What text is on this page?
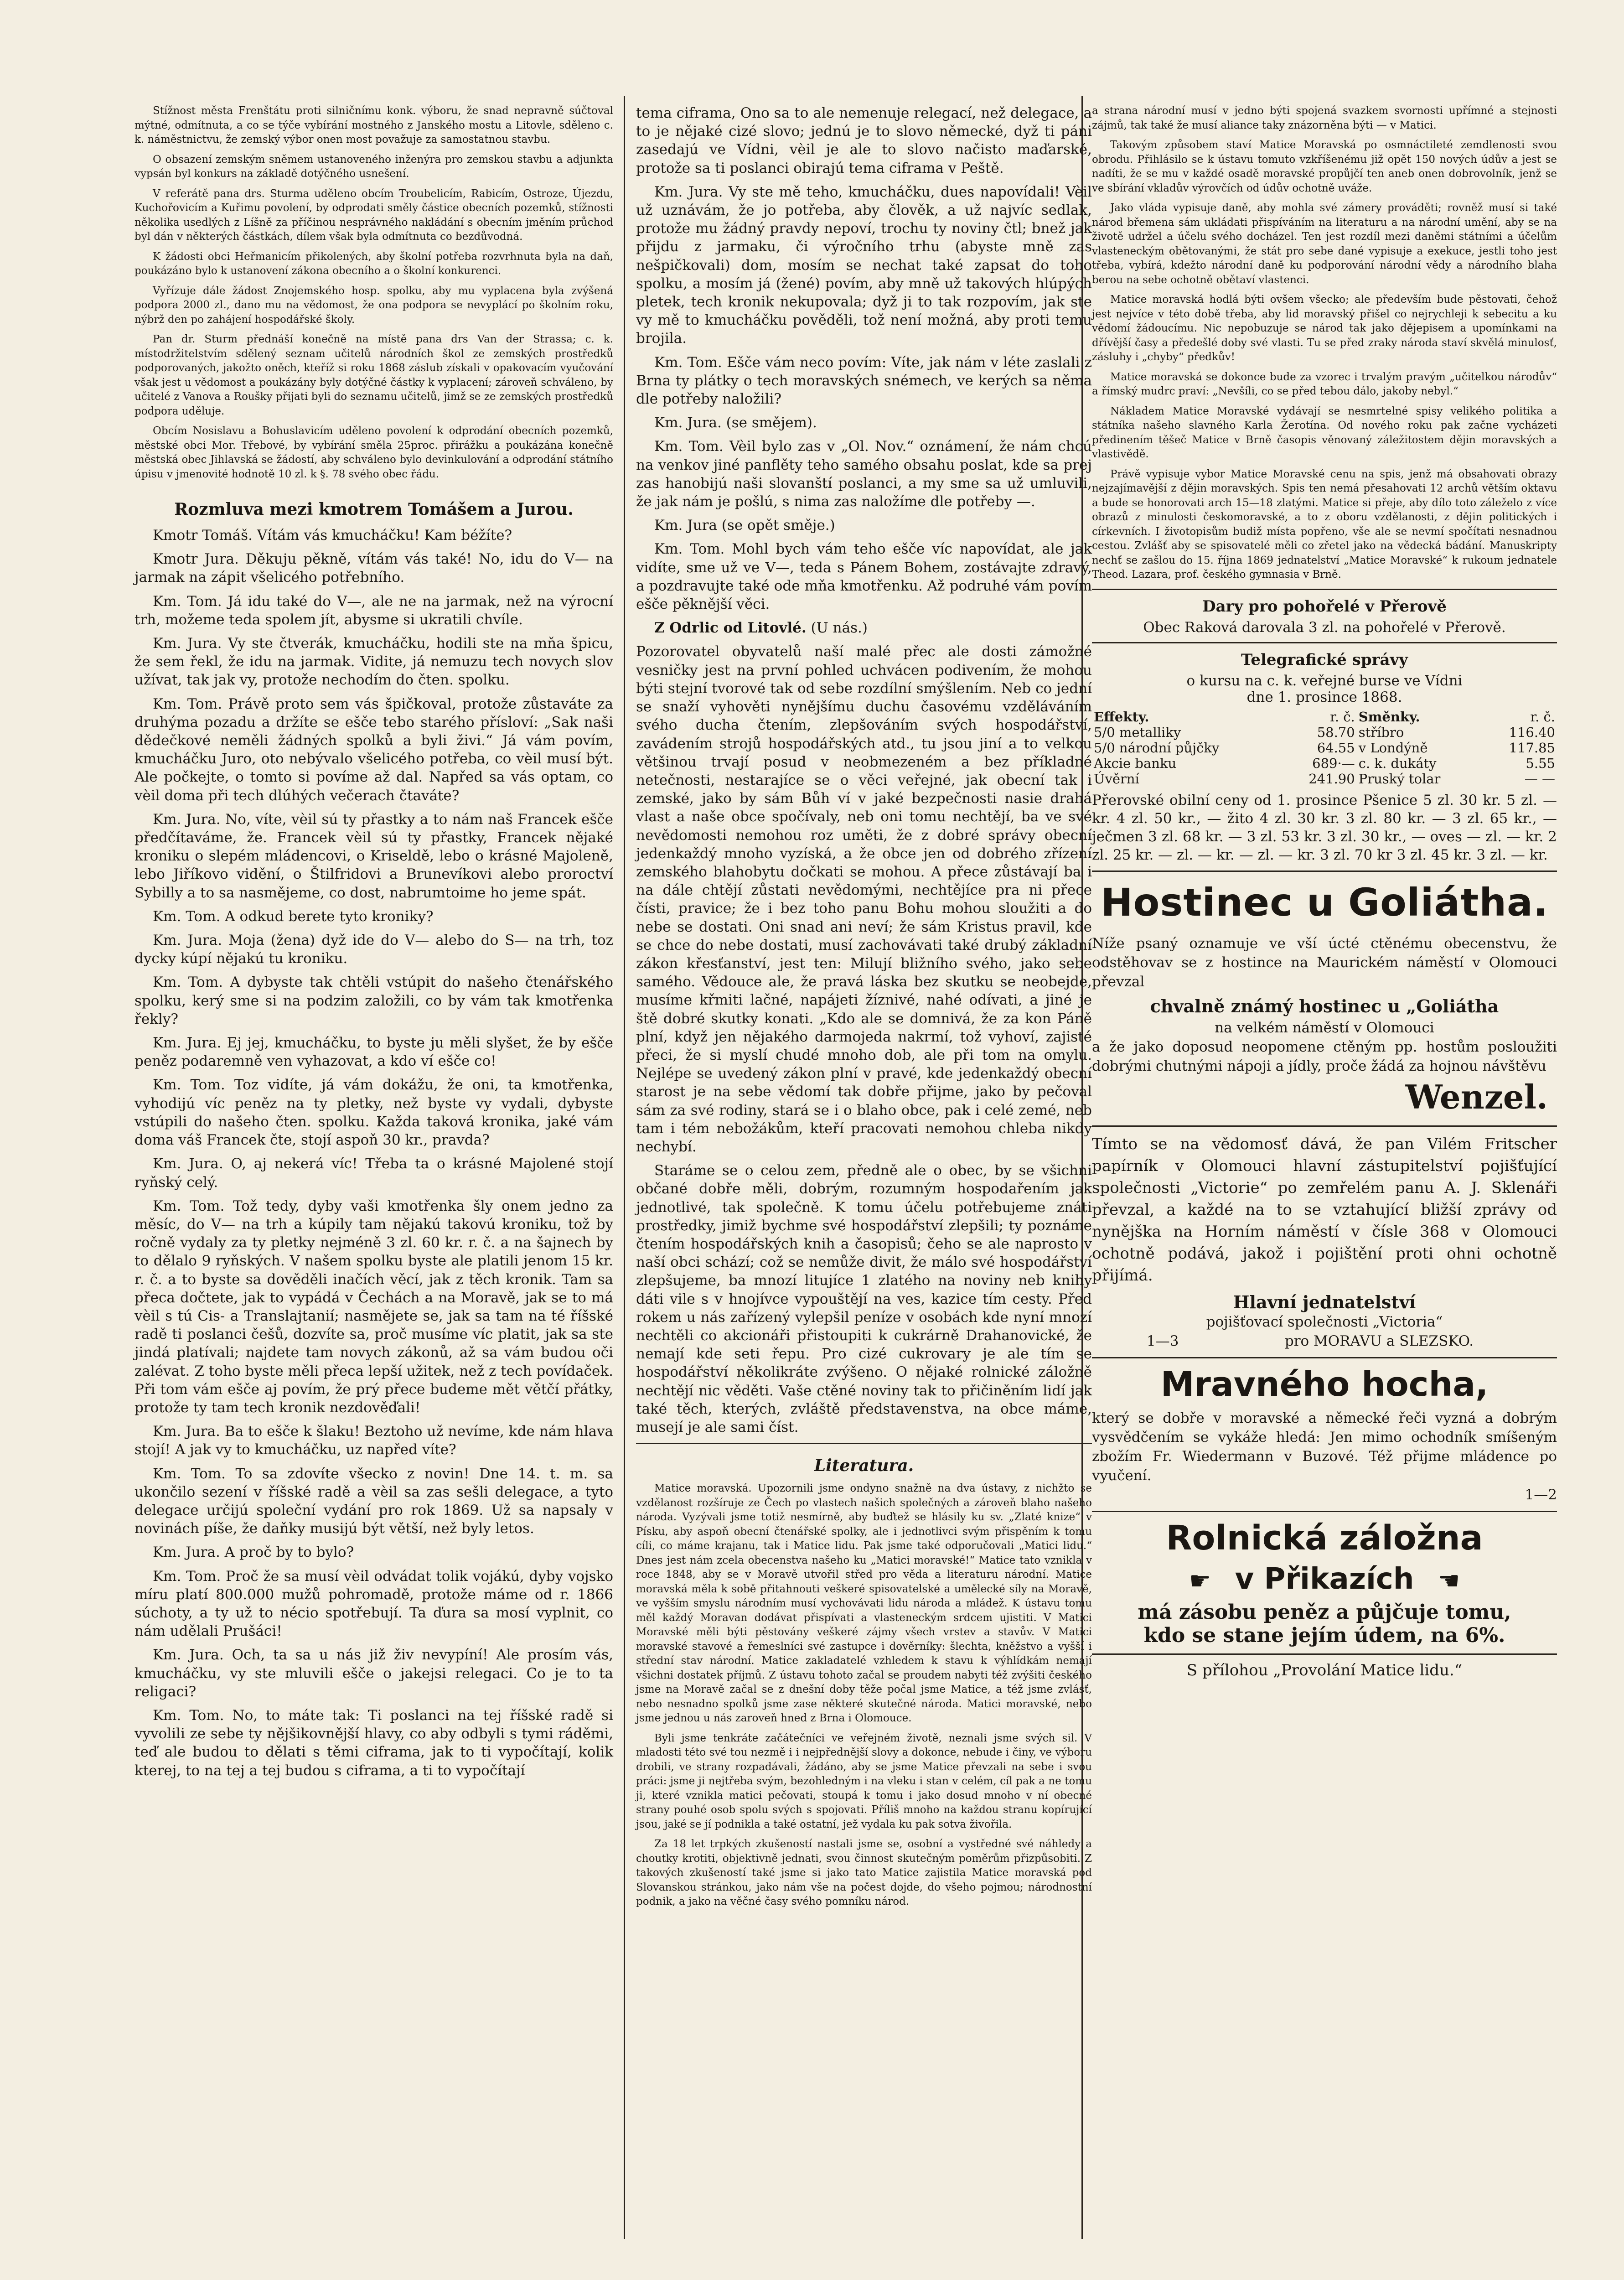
Stížnost města Frenštátu proti silničnímu konk. výboru, že snad nepravně súčtoval mýtné, odmítnuta, a co se týče vybírání mostného z Janského mostu a Litovle, sděleno c. k. náměstnictvu, že zemský výbor onen most považuje za samostatnou stavbu.

O obsazení zemským sněmem ustanoveného inženýra pro zemskou stavbu a adjunkta vypsán byl konkurs na základě dotýčného usnešení.

V referátě pana drs. Sturma uděleno obcím Troubelicím, Rabicím, Ostroze, Újezdu, Kuchořovicím a Kuřimu povolení, by odprodati směly částice obecních pozemků, stížnosti několika usedlých z Líšně za příčinou nesprávného nakládání s obecním jměním průchod byl dán v některých částkách, dílem však byla odmítnuta co bezdůvodná.

K žádosti obci Heřmanicím přikolených, aby školní potřeba rozvrhnuta byla na daň, poukázáno bylo k ustanovení zákona obecního a o školní konkurenci.

Vyřízuje dále žádost Znojemského hosp. spolku, aby mu vyplacena byla zvýšená podpora 2000 zl., dano mu na vědomost, že ona podpora se nevyplácí po školním roku, nýbrž den po zahájení hospodářské školy.

Pan dr. Sturm přednáší konečně na místě pana drs Van der Strassa; c. k. místodržitelstvím sdělený seznam učitelů národních škol ze zemských prostředků podporovaných, jakožto oněch, kteříž si roku 1868 záslub získali v opakovacím vyučování však jest u vědomost a poukázány byly dotýčné částky k vyplacení; zároveň schváleno, by učitelé z Vanova a Roušky přijati byli do seznamu učitelů, jimž se ze zemských prostředků podpora uděluje.

Obcím Nosislavu a Bohuslavicím uděleno povolení k odprodání obecních pozemků, městské obci Mor. Třebové, by vybírání směla 25proc. přirážku a poukázána konečně městská obec Jihlavská se žádostí, aby schváleno bylo devinkulování a odprodání státního úpisu v jmenovité hodnotě 10 zl. k §. 78 svého obec řádu.

Rozmluva mezi kmotrem Tomášem a Jurou.

Kmotr Tomáš. Vítám vás kmucháčku! Kam béžíte?

Kmotr Jura. Děkuju pěkně, vítám vás také! No, idu do V— na jarmak na zápit všelicého potřebního.

Km. Tom. Já idu také do V—, ale ne na jarmak, než na výrocní trh, možeme teda spolem jít, abysme si ukratili chvíle.

Km. Jura. Vy ste čtverák, kmucháčku, hodili ste na mňa špicu, že sem řekl, že idu na jarmak. Vidite, já nemuzu tech novych slov užívat, tak jak vy, protože nechodím do čten. spolku.

Km. Tom. Právě proto sem vás špičkoval, protože zůstaváte za druhýma pozadu a držíte se ešče tebo starého přísloví: „Sak naši dědečkové neměli žádných spolků a byli živi.“ Já vám povím, kmucháčku Juro, oto nebývalo všelicého potřeba, co vèil musí být. Ale počkejte, o tomto si povíme až dal. Napřed sa vás optam, co vèil doma při tech dlúhých večerach čtaváte?

Km. Jura. No, víte, vèil sú ty přastky a to nám naš Francek ešče předčítaváme, že. Francek vèil sú ty přastky, Francek nějaké kroniku o slepém mládencovi, o Kriseldě, lebo o krásné Majoleně, lebo Jiříkovo vidění, o Štilfridovi a Brunevíkovi alebo proroctví Sybilly a to sa nasmějeme, co dost, nabrumtoime ho jeme spát.

Km. Tom. A odkud berete tyto kroniky?

Km. Jura. Moja (žena) dyž ide do V— alebo do S— na trh, toz dycky kúpí nějakú tu kroniku.

Km. Tom. A dybyste tak chtěli vstúpit do našeho čtenářského spolku, kerý sme si na podzim založili, co by vám tak kmotřenka řekly?

Km. Jura. Ej jej, kmucháčku, to byste ju měli slyšet, že by ešče peněz podaremně ven vyhazovat, a kdo ví ešče co!

Km. Tom. Toz vidíte, já vám dokážu, že oni, ta kmotřenka, vyhodijú víc peněz na ty pletky, než byste vy vydali, dybyste vstúpili do našeho čten. spolku. Každa taková kronika, jaké vám doma váš Francek čte, stojí aspoň 30 kr., pravda?

Km. Jura. O, aj nekerá víc! Třeba ta o krásné Majolené stojí ryňský celý.

Km. Tom. Tož tedy, dyby vaši kmotřenka šly onem jedno za měsíc, do V— na trh a kúpily tam nějakú takovú kroniku, tož by ročně vydaly za ty pletky nejméně 3 zl. 60 kr. r. č. a na šajnech by to dělalo 9 ryňských. V našem spolku byste ale platili jenom 15 kr. r. č. a to byste sa dověděli inačích věcí, jak z těch kronik. Tam sa přeca dočtete, jak to vypádá v Čechách a na Moravě, jak se to má vèil s tú Cis- a Translajtanií; nasmějete se, jak sa tam na té říšské radě ti poslanci češů, dozvíte sa, proč musíme víc platit, jak sa ste jindá platívali; najdete tam novych zákonů, až sa vám budou oči zalévat. Z toho byste měli přeca lepší užitek, než z tech povídaček. Při tom vám ešče aj povím, že prý přece budeme mět větčí přátky, protože ty tam tech kronik nezdověďali!

Km. Jura. Ba to ešče k šlaku! Beztoho už nevíme, kde nám hlava stojí! A jak vy to kmucháčku, uz napřed víte?

Km. Tom. To sa zdovíte všecko z novin! Dne 14. t. m. sa ukončilo sezení v říšské radě a vèil sa zas sešli delegace, a tyto delegace určijú společní vydání pro rok 1869. Už sa napsaly v novinách píše, že daňky musijú být větší, než byly letos.

Km. Jura. A proč by to bylo?

Km. Tom. Proč že sa musí vèil odvádat tolik vojákú, dyby vojsko míru platí 800.000 mužů pohromadě, protože máme od r. 1866 súchoty, a ty už to nécio spotřebují. Ta ďura sa mosí vyplnit, co nám udělali Prušáci!

Km. Jura. Och, ta sa u nás již živ nevypíní! Ale prosím vás, kmucháčku, vy ste mluvili ešče o jakejsi relegaci. Co je to ta religaci?

Km. Tom. No, to máte tak: Ti poslanci na tej říšské radě si vyvolili ze sebe ty nějšikovnější hlavy, co aby odbyli s tymi ráděmi, teď ale budou to dělati s těmi ciframa, jak to ti vypočítají, kolik kterej, to na tej a tej budou s ciframa, a ti to vypočítají

tema ciframa, Ono sa to ale nemenuje relegací, než delegace, a to je nějaké cizé slovo; jednú je to slovo německé, dyž ti páni zasedajú ve Vídni, vèil je ale to slovo načisto maďarské, protože sa ti poslanci obirajú tema ciframa v Peště.

Km. Jura. Vy ste mě teho, kmucháčku, dues napovídali! Vèil už uznávám, že jo potřeba, aby člověk, a už najvíc sedlak, protože mu žádný pravdy nepoví, trochu ty noviny čtl; bnež jak přijdu z jarmaku, či výročního trhu (abyste mně zas nešpičkovali) dom, mosím se nechat také zapsat do toho spolku, a mosím já (žené) povím, aby mně už takových hlúpých pletek, tech kronik nekupovala; dyž ji to tak rozpovím, jak ste vy mě to kmucháčku pověděli, tož není možná, aby proti temu brojila.

Km. Tom. Ešče vám neco povím: Víte, jak nám v léte zaslali z Brna ty plátky o tech moravských snémech, ve kerých sa něma dle potřeby naložili?

Km. Jura. (se smějem).

Km. Tom. Vèil bylo zas v „Ol. Nov.“ oznámení, že nám chcú na venkov jiné panflěty teho samého obsahu poslat, kde sa prej zas hanobijú naši slovanští poslanci, a my sme sa už umluvili, že jak nám je pošlú, s nima zas naložíme dle potřeby —.

Km. Jura (se opět směje.)

Km. Tom. Mohl bych vám teho ešče víc napovídat, ale jak vidíte, sme už ve V—, teda s Pánem Bohem, zostávajte zdravý, a pozdravujte také ode mňa kmotřenku. Až podruhé vám povím ešče pěknější věci.

Z Odrlic od Litovlé. (U nás.)

Pozorovatel obyvatelů naší malé přec ale dosti zámožné vesničky jest na první pohled uchvácen podivením, že mohou býti stejní tvorové tak od sebe rozdílní smýšlením. Neb co jední se snaží vyhověti nynějšímu duchu časovému vzděláváním svého ducha čtením, zlepšováním svých hospodářství, zavádením strojů hospodářských atd., tu jsou jiní a to velkou většinou trvají posud v neobmezeném a bez příkladné netečnosti, nestarajíce se o věci veřejné, jak obecní tak i zemské, jako by sám Bůh ví v jaké bezpečnosti nasie drahá vlast a naše obce spočívaly, neb oni tomu nechtějí, ba ve své nevědomosti nemohou roz uměti, že z dobré správy obecní jedenkaždý mnoho vyzíská, a že obce jen od dobrého zřízení zemského blahobytu dočkati se mohou. A přece zůstávají ba i na dále chtějí zůstati nevědomými, nechtějíce pra ni přece čísti, pravice; že i bez toho panu Bohu mohou sloužiti a do nebe se dostati. Oni snad ani neví; že sám Kristus pravil, kde se chce do nebe dostati, musí zachovávati také drubý základní zákon křesťanství, jest ten: Milují bližního svého, jako sebe samého. Vědouce ale, že pravá láska bez skutku se neobejde, musíme křmiti lačné, napájeti žíznivé, nahé odívati, a jiné je ště dobré skutky konati. „Kdo ale se domnivá, že za kon Páně plní, když jen nějakého darmojeda nakrmí, tož vyhoví, zajisté přeci, že si myslí chudé mnoho dob, ale při tom na omylu. Nejlépe se uvedený zákon plní v pravé, kde jedenkaždý obecní starost je na sebe vědomí tak dobře přijme, jako by pečoval sám za své rodiny, stará se i o blaho obce, pak i celé zemé, neb tam i tém nebožákům, kteří pracovati nemohou chleba nikdy nechybí.

Staráme se o celou zem, předně ale o obec, by se všichni občané dobře měli, dobrým, rozumným hospodařením jak jednotlivé, tak společně. K tomu účelu potřebujeme znáti prostředky, jimiž bychme své hospodářství zlepšili; ty poznáme čtením hospodářských knih a časopisů; čeho se ale naprosto v naší obci schází; což se nemůže divit, že málo své hospodářství zlepšujeme, ba mnozí litujíce 1 zlatého na noviny neb knihy dáti vile s v hnojívce vypouštějí na ves, kazice tím cesty. Před rokem u nás zařízený vylepšil peníze v osobách kde nyní mnozí nechtěli co akcionáři přistoupiti k cukrárně Drahanovické, že nemají kde seti řepu. Pro cizé cukrovary je ale tím se hospodářství několikráte zvýšeno. O nějaké rolnické záložně nechtějí nic věděti. Vaše ctěné noviny tak to přičiněním lidí jak také těch, kterých, zvláště představenstva, na obce máme, musejí je ale sami číst.

Literatura.

Matice moravská. Upozornili jsme ondyno snažně na dva ústavy, z nichžto se vzdělanost rozšíruje ze Čech po vlastech našich společných a zároveň blaho našeho národa. Vyzývali jsme totiž nesmírně, aby buďtež se hlásily ku sv. „Zlaté knize“ v Písku, aby aspoň obecní čtenářské spolky, ale i jednotlivci svým přispěním k tomu cíli, co máme krajanu, tak i Matice lidu. Pak jsme také odporučovali „Matici lidu.“ Dnes jest nám zcela obecenstva našeho ku „Matici moravské!“ Matice tato vznikla v roce 1848, aby se v Moravě utvořil střed pro věda a literaturu národní. Matice moravská měla k sobě přitahnouti veškeré spisovatelské a umělecké síly na Moravě, ve vyšším smyslu národním musí vychovávati lidu národa a mládež. K ústavu tomu měl každý Moravan dodávat přispívati a vlasteneckým srdcem ujistiti. V Matici Moravské měli býti pěstovány veškeré zájmy všech vrstev a stavův. V Matici moravské stavové a řemeslníci své zastupce i dověrníky: šlechta, kněžstvo a vyšší i střední stav národní. Matice zakladatelé vzhledem k stavu k výhlídkám nemají všichni dostatek příjmů. Z ústavu tohoto začal se proudem nabyti též zvýšiti českého jsme na Moravě začal se z dnešní doby těže počal jsme Matice, a též jsme zvlásť, nebo nesnadno spolků jsme zase některé skutečné národa. Matici moravské, nebo jsme jednou u nás zaroveň hned z Brna i Olomouce.

Byli jsme tenkráte začátečníci ve veřejném životě, neznali jsme svých sil. V mladosti této své tou nezmě i i nejpřednější slovy a dokonce, nebude i činy, ve výboru drobili, ve strany rozpadávali, žádáno, aby se jsme Matice převzali na sebe i svou práci: jsme ji nejtřeba svým, bezohledným i na vleku i stan v celém, cíl pak a ne tomu ji, které vznikla matici pečovati, stoupá k tomu i jako dosud mnoho v ní obecné strany pouhé osob spolu svých s spojovati. Příliš mnoho na každou stranu kopírující jsou, jaké se jí podnikla a také ostatní, jež vydala ku pak sotva živořila.

Za 18 let trpkých zkušeností nastali jsme se, osobní a vystředné své náhledy a choutky krotiti, objektivně jednati, svou činnost skutečným poměrům přizpůsobiti. Z takových zkušeností také jsme si jako tato Matice zajistila Matice moravská pod Slovanskou stránkou, jako nám vše na počest dojde, do všeho pojmou; národnostní podnik, a jako na věčné časy svého pomníku národ.

a strana národní musí v jedno býti spojená svazkem svornosti upřímné a stejnosti zájmů, tak také že musí aliance taky znázorněna býti — v Matici.

Takovým způsobem staví Matice Moravská po osmnáctileté zemdlenosti svou obrodu. Přihlásilo se k ústavu tomuto vzkříšenému již opět 150 nových údův a jest se nadíti, že se mu v každé osadě moravské propůjčí ten aneb onen dobrovolník, jenž se ve sbírání vkladův výrovčích od údův ochotně uváže.

Jako vláda vypisuje daně, aby mohla své zámery prováděti; rovněž musí si také národ břemena sám ukládati přispíváním na literaturu a na národní umění, aby se na životě udržel a účelu svého docházel. Ten jest rozdíl mezi daněmi státními a účelům vlasteneckým obětovanými, že stát pro sebe dané vypisuje a exekuce, jestli toho jest třeba, vybírá, kdežto národní daně ku podporování národní vědy a národního blaha berou na sebe ochotně obětaví vlastenci.

Matice moravská hodlá býti ovšem všecko; ale především bude pěstovati, čehož jest nejvíce v této době třeba, aby lid moravský přišel co nejrychleji k sebecitu a ku vědomí žádoucímu. Nic nepobuzuje se národ tak jako dějepisem a upomínkami na dřívější časy a předešlé doby své vlasti. Tu se před zraky národa staví skvělá minulosť, zásluhy i „chyby“ předkův!

Matice moravská se dokonce bude za vzorec i trvalým pravým „učitelkou národův“ a římský mudrc praví: „Nevšíli, co se před tebou dálo, jakoby nebyl.“

Nákladem Matice Moravské vydávají se nesmrtelné spisy velikého politika a státníka našeho slavného Karla Žerotína. Od nového roku pak začne vycházeti předinením těšeč Matice v Brně časopis věnovaný záležitostem dějin moravských a vlastivědě.

Právě vypisuje vybor Matice Moravské cenu na spis, jenž má obsahovati obrazy nejzajímavější z dějin moravských. Spis ten nemá přesahovati 12 archů větším oktavu a bude se honorovati arch 15—18 zlatými. Matice si přeje, aby dílo toto záleželo z více obrazů z minulosti českomoravské, a to z oboru vzdělanosti, z dějin politických i církevních. I životopisům budiž místa popřeno, vše ale se nevmí spočítati nesnadnou cestou. Zvlášť aby se spisovatelé měli co zřetel jako na vědecká bádání. Manuskripty nechť se zašlou do 15. října 1869 jednatelství „Matice Moravské“ k rukoum jednatele Theod. Lazara, prof. českého gymnasia v Brně.

Dary pro pohořelé v Přerově

Obec Raková darovala 3 zl. na pohořelé v Přerově.

Telegrafické správy
o kursu na c. k. veřejné burse ve Vídni
dne 1. prosince 1868.
Effekty.	r. č.	Směnky.	r. č.
5/0 metalliky	58.70	stříbro	116.40
5/0 národní půjčky	64.55	v Londýně	117.85
Akcie banku	689·—	c. k. dukáty	5.55
Úvěrní	241.90	Pruský tolar	— —

Přerovské obilní ceny od 1. prosince Pšenice 5 zl. 30 kr. 5 zl. — kr. 4 zl. 50 kr., — žito 4 zl. 30 kr. 3 zl. 80 kr. — 3 zl. 65 kr., — ječmen 3 zl. 68 kr. — 3 zl. 53 kr. 3 zl. 30 kr., — oves — zl. — kr. 2 zl. 25 kr. — zl. — kr. — zl. — kr. 3 zl. 70 kr 3 zl. 45 kr. 3 zl. — kr.

Hostinec u Goliátha.
Níže psaný oznamuje ve vší úcté ctěnému obecenstvu, že odstěhovav se z hostince na Maurickém náměstí v Olomouci převzal
chvalně známý hostinec u „Goliátha
na velkém náměstí v Olomouci
a že jako doposud neopomene ctěným pp. hostům posloužiti dobrými chutnými nápoji a jídly, proče žádá za hojnou návštěvu
Wenzel.
Tímto se na vědomosť dává, že pan Vilém Fritscher papírník v Olomouci hlavní zástupitelství pojišťující společnosti „Victorie“ po zemřelém panu A. J. Sklenáři převzal, a každé na to se vztahující bližší zprávy od nynějška na Horním náměstí v čísle 368 v Olomouci ochotně podává, jakož i pojištění proti ohni ochotně přijímá.
Hlavní jednatelství
pojišťovací společnosti „Victoria“
1—3	pro MORAVU a SLEZSKO.
Mravného hocha,
který se dobře v moravské a německé řeči vyzná a dobrým vysvědčením se vykáže hledá: Jen mimo ochodník smíšeným zbožím Fr. Wiedermann v Buzové. Též přijme mládence po vyučení.
1—2
Rolnická záložna
☛ v Přikazích ☚
má zásobu peněz a půjčuje tomu,
kdo se stane jejím údem, na 6%.
S přílohou „Provolání Matice lidu.“
